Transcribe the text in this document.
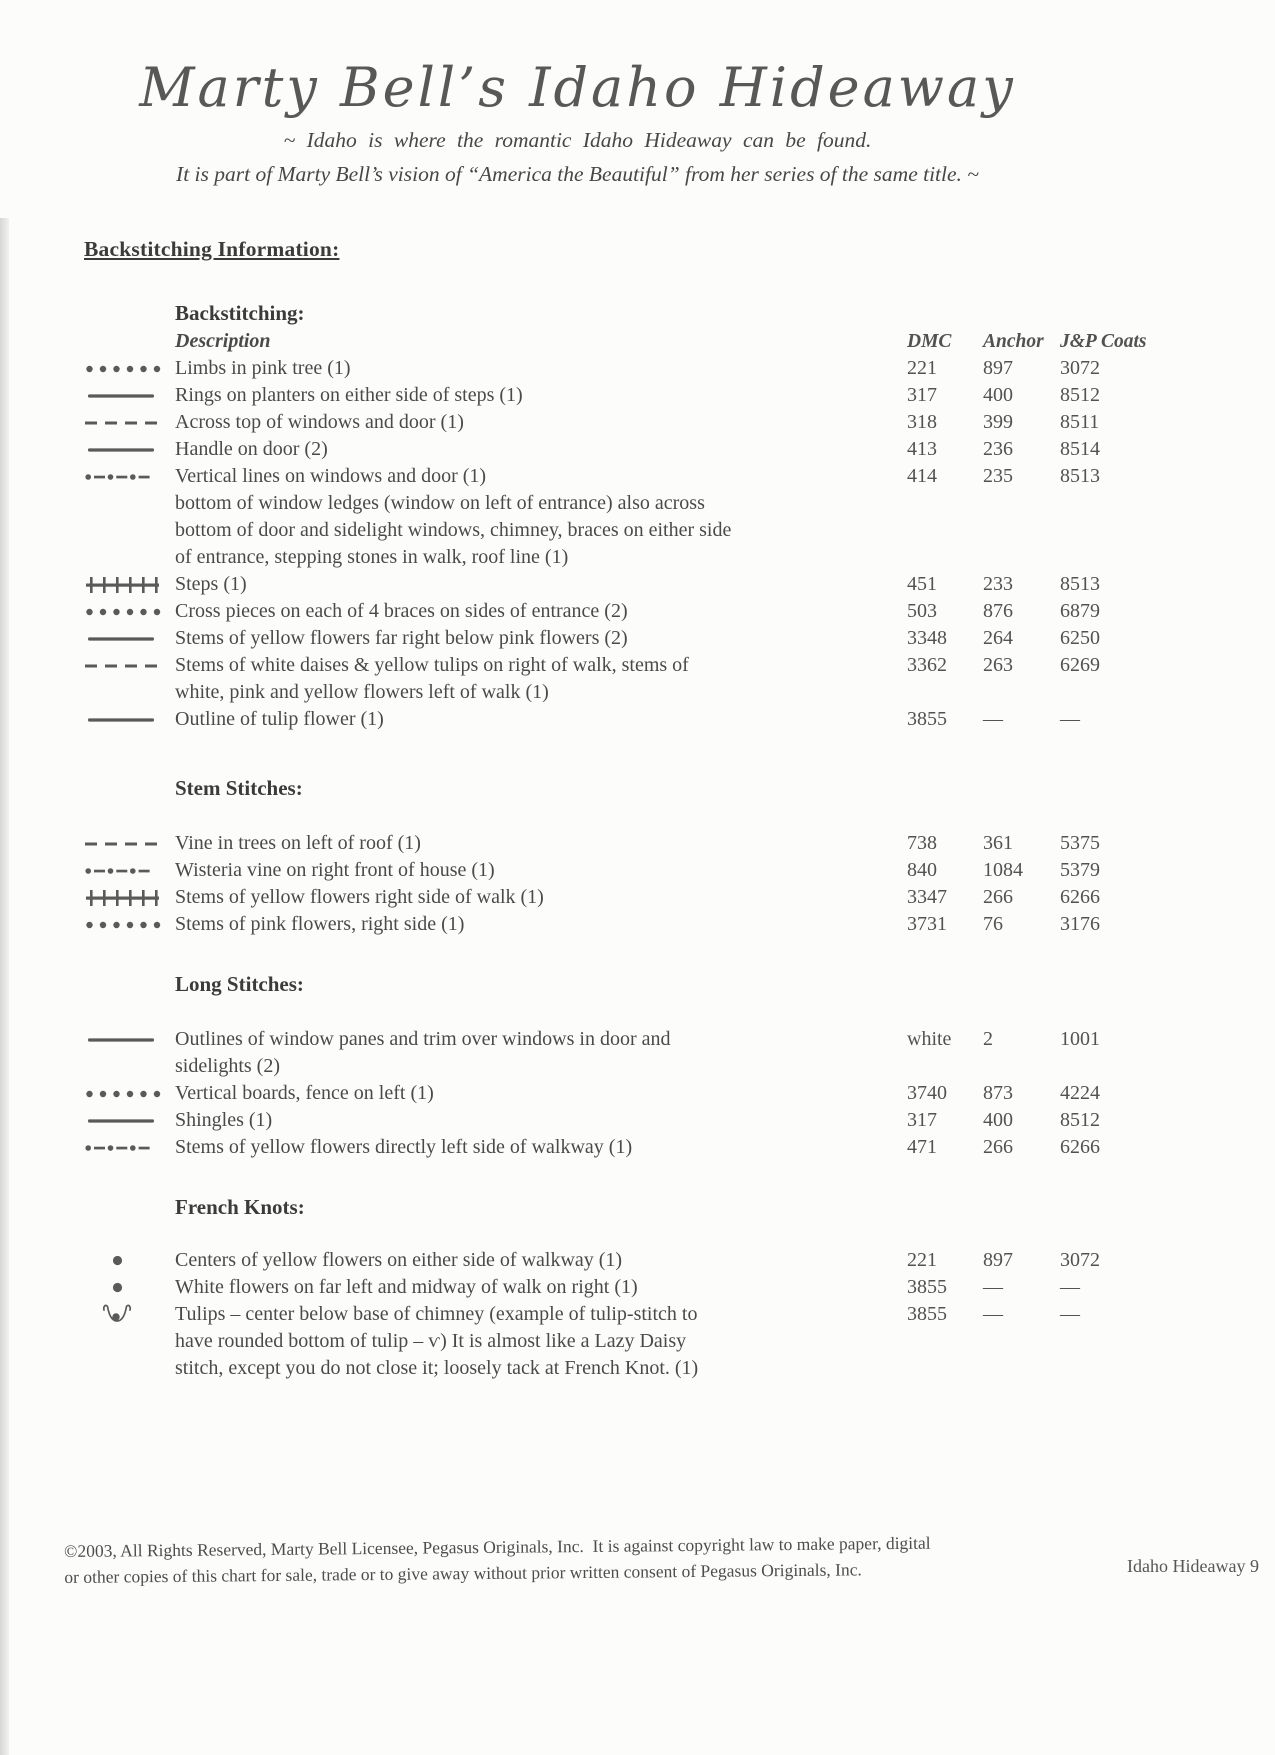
Marty Bell’s Idaho Hideaway

~ Idaho is where the romantic Idaho Hideaway can be found.

It is part of Marty Bell’s vision of “America the Beautiful” from her series of the same title. ~

Backstitching Information:
Backstitching:
Description	DMC	Anchor J&P Coats
Limbs in pink tree (1)	221	897	3072
Rings on planters on either side of steps (1)	317	400	8512
Across top of windows and door (1)	318	399	8511
Handle on door (2)	413	236	8514
Vertical lines on windows and door (1)	414	235	8513
bottom of window ledges (window on left of entrance) also across
bottom of door and sidelight windows, chimney, braces on either side
of entrance, stepping stones in walk, roof line (1)
Steps (1)	451	233	8513
Cross pieces on each of 4 braces on sides of entrance (2)	503	876	6879
Stems of yellow flowers far right below pink flowers (2)	3348	264	6250
Stems of white daises & yellow tulips on right of walk, stems of	3362	263	6269
white, pink and yellow flowers left of walk (1)
Outline of tulip flower (1)	3855	—	—
Stem Stitches:
Vine in trees on left of roof (1)	738	361	5375
Wisteria vine on right front of house (1)	840	1084	5379
Stems of yellow flowers right side of walk (1)	3347	266	6266
Stems of pink flowers, right side (1)	3731	76	3176
Long Stitches:
Outlines of window panes and trim over windows in door and	white	2	1001
sidelights (2)
Vertical boards, fence on left (1)	3740	873	4224
Shingles (1)	317	400	8512
Stems of yellow flowers directly left side of walkway (1)	471	266	6266
French Knots:
Centers of yellow flowers on either side of walkway (1)	221	897	3072
White flowers on far left and midway of walk on right (1)	3855	—	—
Tulips – center below base of chimney (example of tulip-stitch to	3855	—	—
have rounded bottom of tulip – ѵ) It is almost like a Lazy Daisy
stitch, except you do not close it; loosely tack at French Knot. (1)
©2003, All Rights Reserved, Marty Bell Licensee, Pegasus Originals, Inc.  It is against copyright law to make paper, digital
or other copies of this chart for sale, trade or to give away without prior written consent of Pegasus Originals, Inc.	Idaho Hideaway 9
